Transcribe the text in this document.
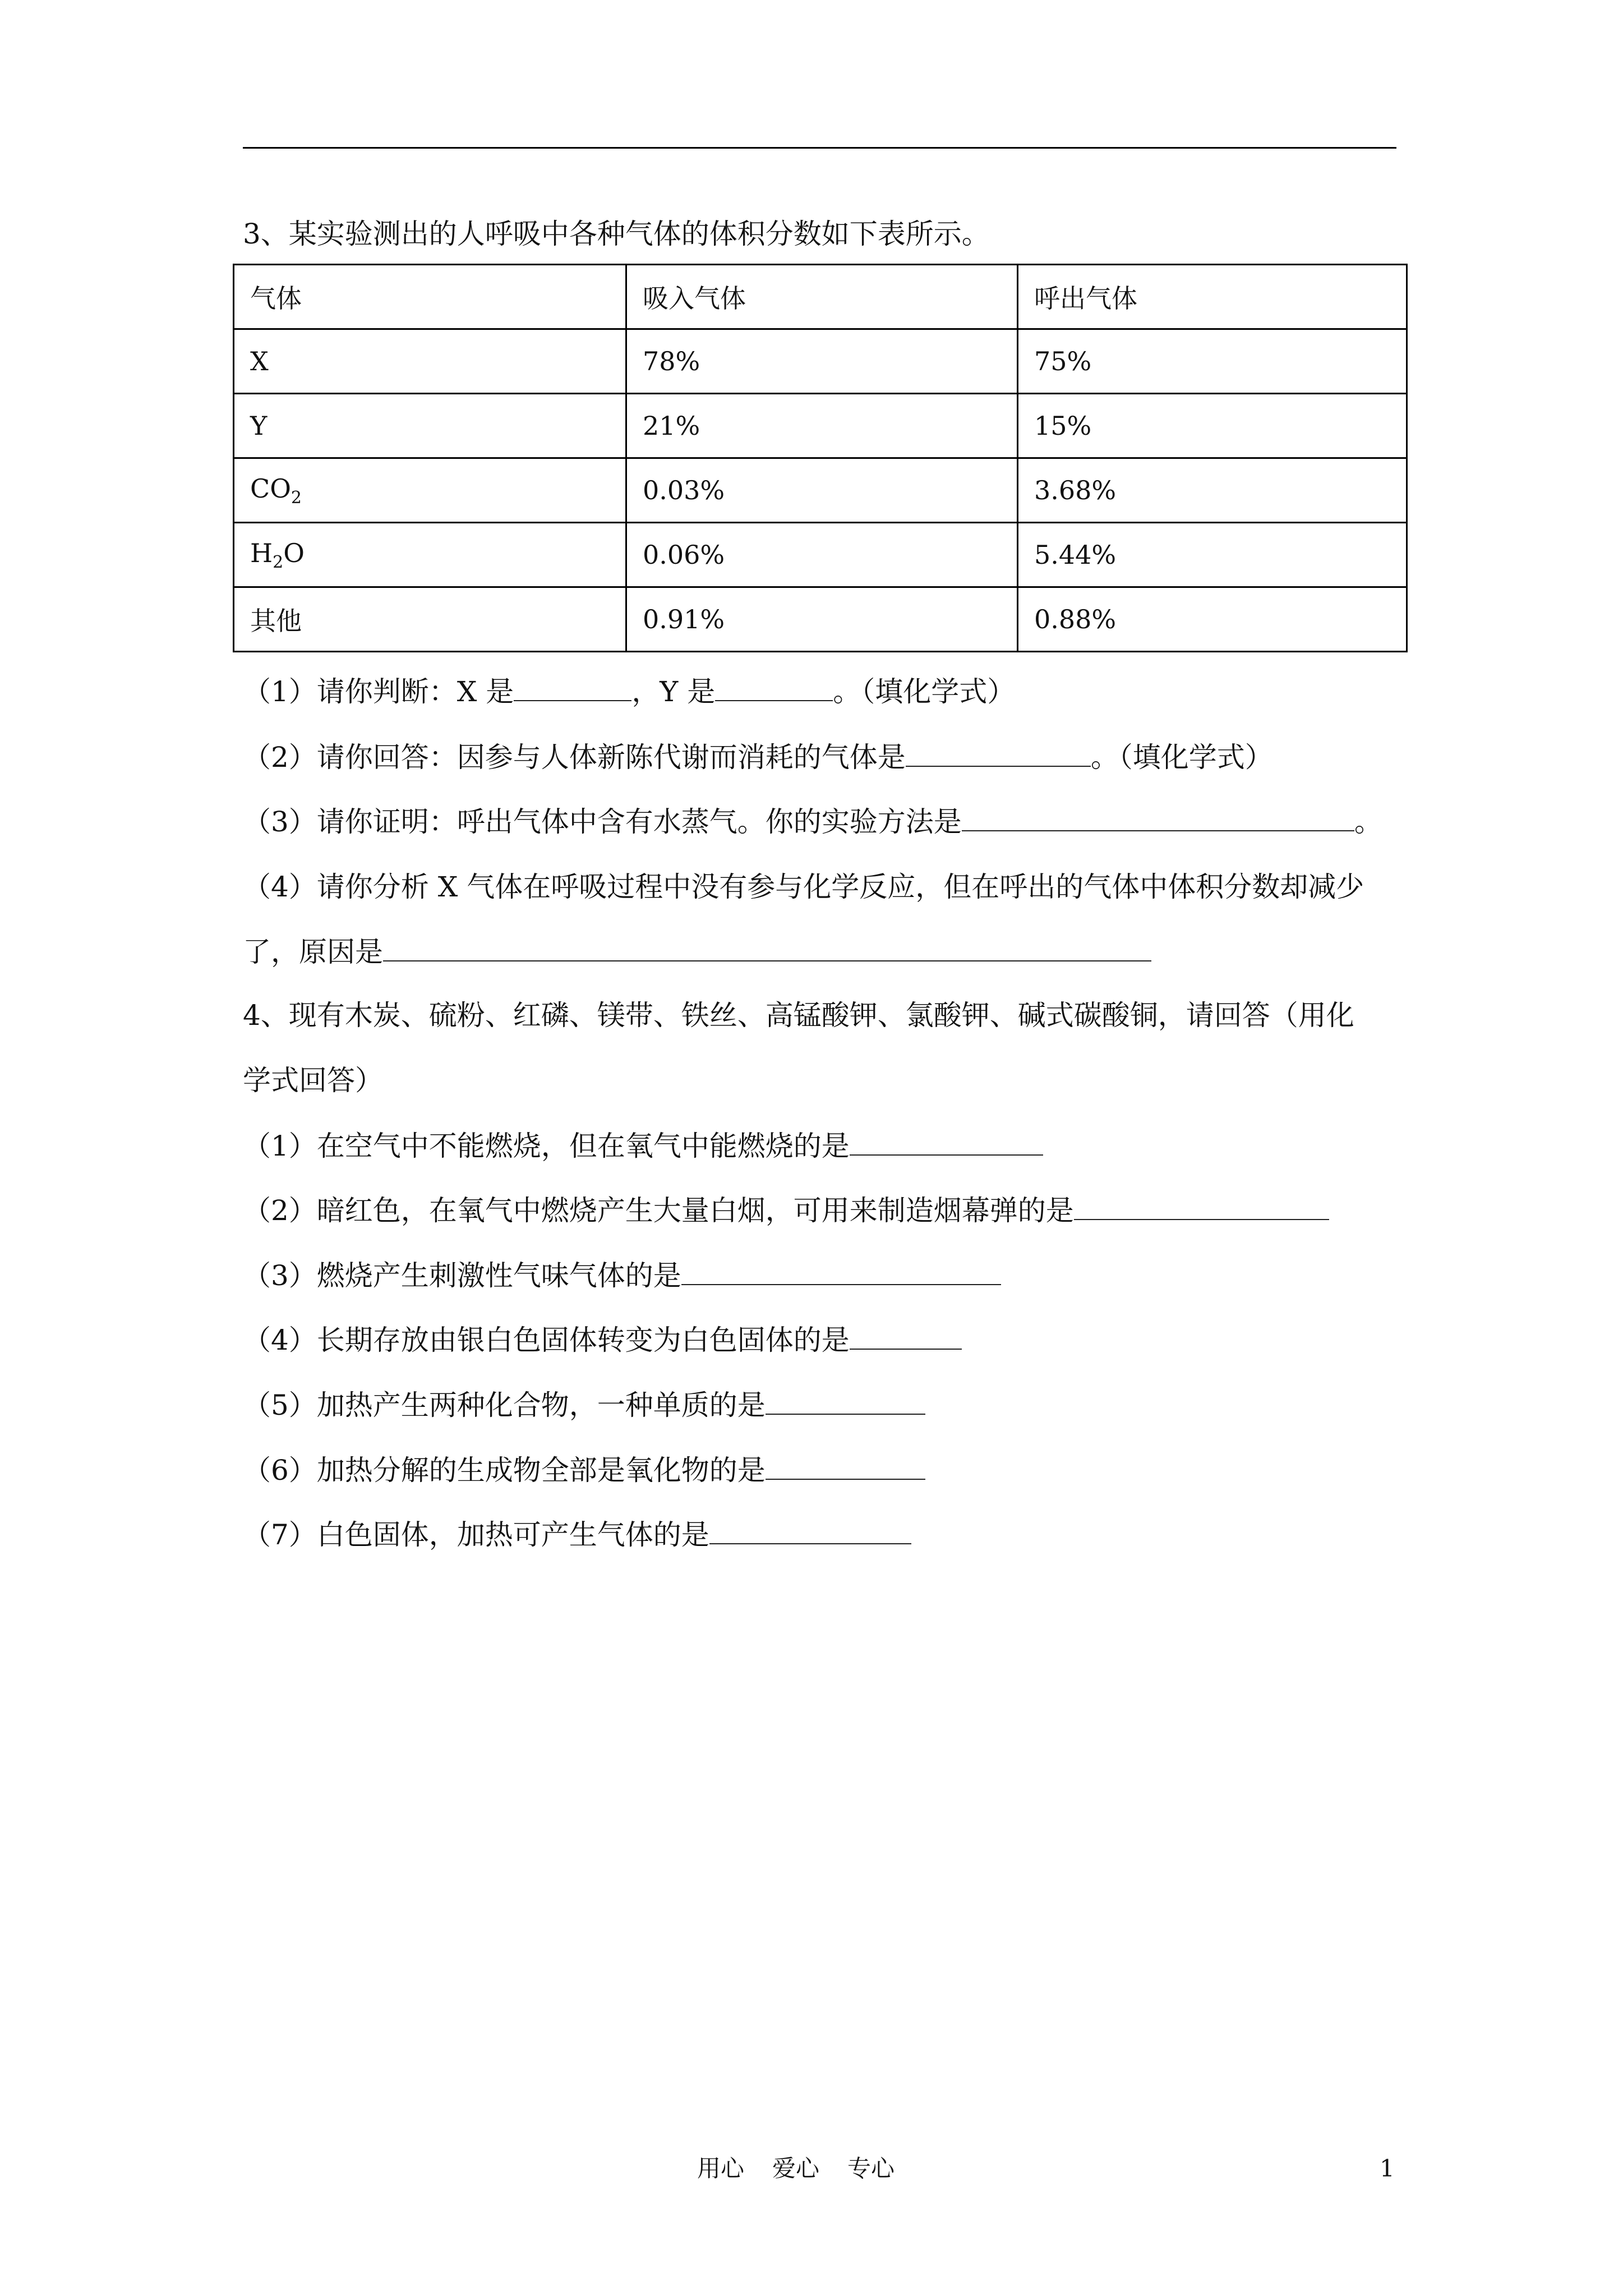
3、某实验测出的人呼吸中各种气体的体积分数如下表所示。
气体	吸入气体	呼出气体
X	78%	75%
Y	21%	15%
$CO_2$	0.03%	3.68%
$H_2O$	0.06%	5.44%
其他	0.91%	0.88%
（1）请你判断：X 是	，Y 是	。（填化学式）
（2）请你回答：因参与人体新陈代谢而消耗的气体是	。（填化学式）
（3）请你证明：呼出气体中含有水蒸气。你的实验方法是	。
（4）请你分析 X 气体在呼吸过程中没有参与化学反应，但在呼出的气体中体积分数却减少
了，原因是
4、现有木炭、硫粉、红磷、镁带、铁丝、高锰酸钾、氯酸钾、碱式碳酸铜，请回答（用化
学式回答）
（1）在空气中不能燃烧，但在氧气中能燃烧的是
（2）暗红色，在氧气中燃烧产生大量白烟，可用来制造烟幕弹的是
（3）燃烧产生刺激性气味气体的是
（4）长期存放由银白色固体转变为白色固体的是
（5）加热产生两种化合物，一种单质的是
（6）加热分解的生成物全部是氧化物的是
（7）白色固体，加热可产生气体的是
用心 爱心 专心	1
